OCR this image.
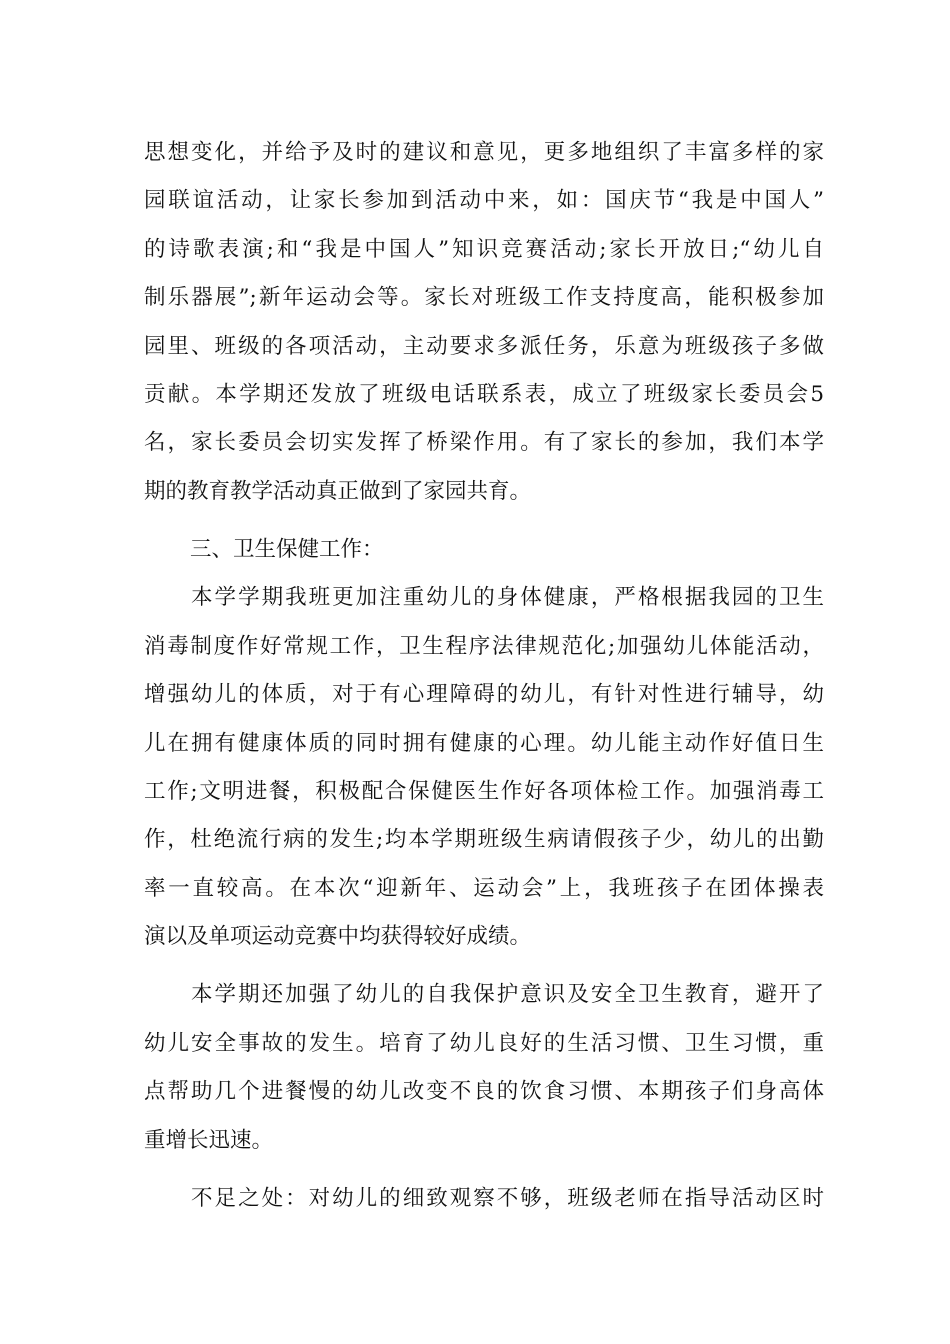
思想变化，并给予及时的建议和意见，更多地组织了丰富多样的家
园联谊活动，让家长参加到活动中来，如：国庆节“我是中国人”
的诗歌表演;和“我是中国人”知识竞赛活动;家长开放日;“幼儿自
制乐器展”;新年运动会等。家长对班级工作支持度高，能积极参加
园里、班级的各项活动，主动要求多派任务，乐意为班级孩子多做
贡献。本学期还发放了班级电话联系表，成立了班级家长委员会5
名，家长委员会切实发挥了桥梁作用。有了家长的参加，我们本学
期的教育教学活动真正做到了家园共育。
三、卫生保健工作：
　　本学学期我班更加注重幼儿的身体健康，严格根据我园的卫生
消毒制度作好常规工作，卫生程序法律规范化;加强幼儿体能活动，
增强幼儿的体质，对于有心理障碍的幼儿，有针对性进行辅导，幼
儿在拥有健康体质的同时拥有健康的心理。幼儿能主动作好值日生
工作;文明进餐，积极配合保健医生作好各项体检工作。加强消毒工
作，杜绝流行病的发生;均本学期班级生病请假孩子少，幼儿的出勤
率一直较高。在本次“迎新年、运动会”上，我班孩子在团体操表
演以及单项运动竞赛中均获得较好成绩。
　　本学期还加强了幼儿的自我保护意识及安全卫生教育，避开了
幼儿安全事故的发生。培育了幼儿良好的生活习惯、卫生习惯，重
点帮助几个进餐慢的幼儿改变不良的饮食习惯、本期孩子们身高体
重增长迅速。
　　不足之处：对幼儿的细致观察不够，班级老师在指导活动区时
